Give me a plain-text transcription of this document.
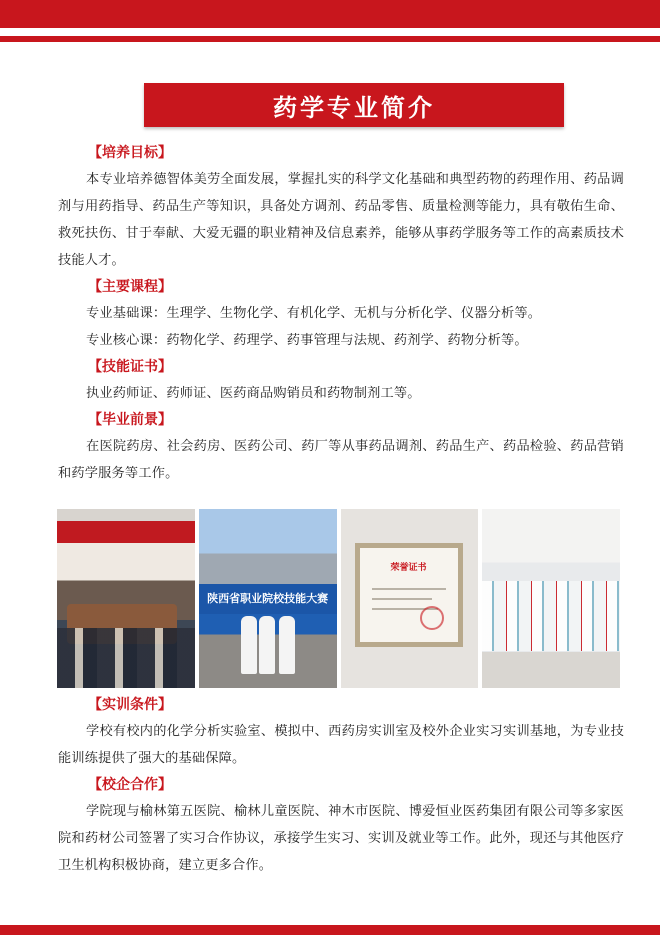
药学专业简介
【培养目标】

本专业培养德智体美劳全面发展，掌握扎实的科学文化基础和典型药物的药理作用、药品调剂与用药指导、药品生产等知识，具备处方调剂、药品零售、质量检测等能力，具有敬佑生命、救死扶伤、甘于奉献、大爱无疆的职业精神及信息素养，能够从事药学服务等工作的高素质技术技能人才。

【主要课程】

专业基础课：生理学、生物化学、有机化学、无机与分析化学、仪器分析等。

专业核心课：药物化学、药理学、药事管理与法规、药剂学、药物分析等。

【技能证书】

执业药师证、药师证、医药商品购销员和药物制剂工等。

【毕业前景】

在医院药房、社会药房、医药公司、药厂等从事药品调剂、药品生产、药品检验、药品营销和药学服务等工作。

陕西省职业院校技能大赛
荣誉证书
【实训条件】

学校有校内的化学分析实验室、模拟中、西药房实训室及校外企业实习实训基地，为专业技能训练提供了强大的基础保障。

【校企合作】

学院现与榆林第五医院、榆林儿童医院、神木市医院、博爱恒业医药集团有限公司等多家医院和药材公司签署了实习合作协议，承接学生实习、实训及就业等工作。此外，现还与其他医疗卫生机构积极协商，建立更多合作。
